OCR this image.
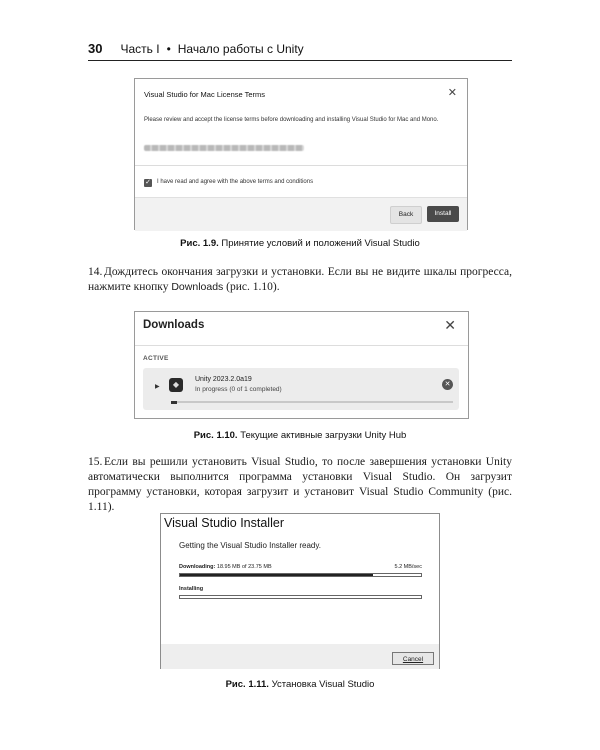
30 Часть I • Начало работы с Unity
Visual Studio for Mac License Terms	✕
Please review and accept the license terms before downloading and installing Visual Studio for Mac and Mono.
✓ I have read and agree with the above terms and conditions
Back	Install
Рис. 1.9. Принятие условий и положений Visual Studio
14. Дождитесь окончания загрузки и установки. Если вы не видите шкалы прогресса, нажмите кнопку Downloads (рис. 1.10).
Downloads	✕
ACTIVE
▶	◆
Unity 2023.2.0a19
In progress (0 of 1 completed)
✕
Рис. 1.10. Текущие активные загрузки Unity Hub
15. Если вы решили установить Visual Studio, то после завершения установки Unity автоматически выполнится программа установки Visual Studio. Он загрузит программу установки, которая загрузит и установит Visual Studio Community (рис. 1.11).
Visual Studio Installer
Getting the Visual Studio Installer ready.
Downloading: 18.95 MB of 23.75 MB	5.2 MB/sec
Installing
Cancel
Рис. 1.11. Установка Visual Studio
